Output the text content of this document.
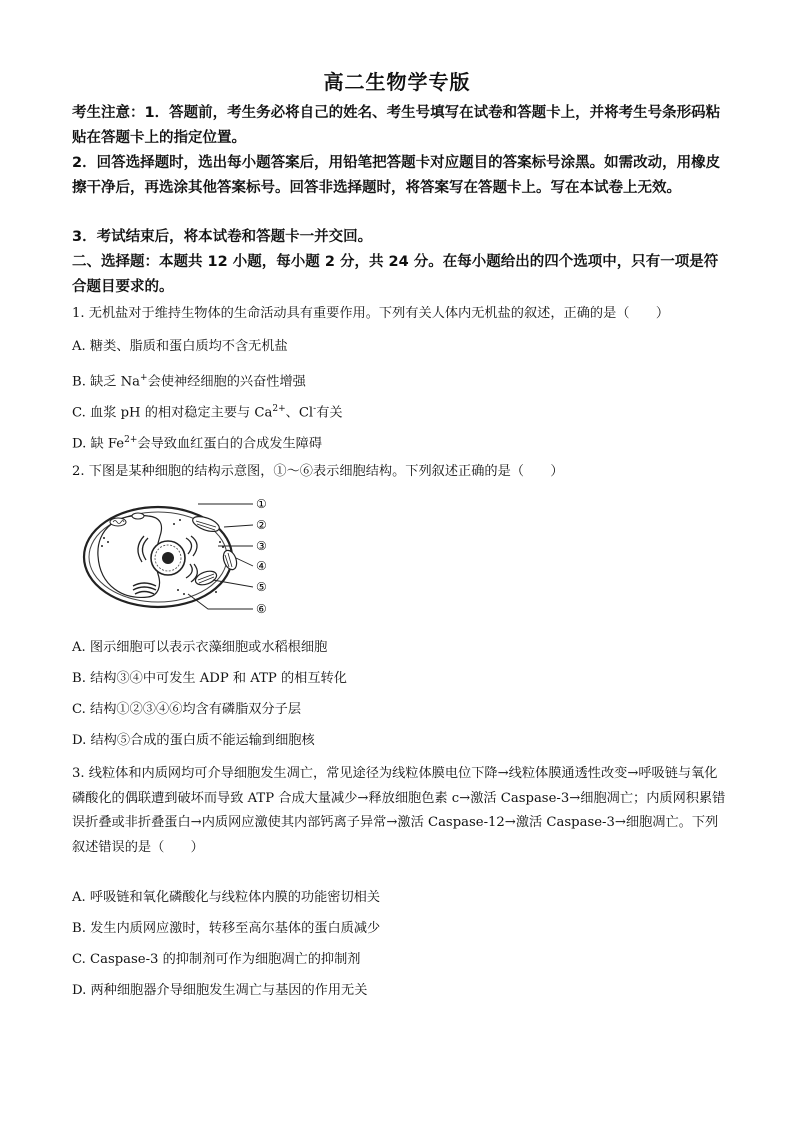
高二生物学专版
考生注意：1．答题前，考生务必将自己的姓名、考生号填写在试卷和答题卡上，并将考生号条形码粘贴在答题卡上的指定位置。
2．回答选择题时，选出每小题答案后，用铅笔把答题卡对应题目的答案标号涂黑。如需改动，用橡皮擦干净后，再选涂其他答案标号。回答非选择题时，将答案写在答题卡上。写在本试卷上无效。
3．考试结束后，将本试卷和答题卡一并交回。
二、选择题：本题共 12 小题，每小题 2 分，共 24 分。在每小题给出的四个选项中，只有一项是符合题目要求的。
1. 无机盐对于维持生物体的生命活动具有重要作用。下列有关人体内无机盐的叙述，正确的是（　　）
A. 糖类、脂质和蛋白质均不含无机盐
B. 缺乏 Na+会使神经细胞的兴奋性增强
C. 血浆 pH 的相对稳定主要与 $Ca^{2+}$、Cl-有关
D. 缺 $Fe^{2+}$会导致血红蛋白的合成发生障碍
2. 下图是某种细胞的结构示意图，①～⑥表示细胞结构。下列叙述正确的是（　　）
①
②
③
④
⑤
⑥
A. 图示细胞可以表示衣藻细胞或水稻根细胞
B. 结构③④中可发生 ADP 和 ATP 的相互转化
C. 结构①②③④⑥均含有磷脂双分子层
D. 结构⑤合成的蛋白质不能运输到细胞核
3. 线粒体和内质网均可介导细胞发生凋亡，常见途径为线粒体膜电位下降→线粒体膜通透性改变→呼吸链与氧化磷酸化的偶联遭到破坏而导致 ATP 合成大量减少→释放细胞色素 c→激活 Caspase-3→细胞凋亡；内质网积累错误折叠或非折叠蛋白→内质网应激使其内部钙离子异常→激活 Caspase-12→激活 Caspase-3→细胞凋亡。下列叙述错误的是（　　）
A. 呼吸链和氧化磷酸化与线粒体内膜的功能密切相关
B. 发生内质网应激时，转移至高尔基体的蛋白质减少
C. Caspase-3 的抑制剂可作为细胞凋亡的抑制剂
D. 两种细胞器介导细胞发生凋亡与基因的作用无关
